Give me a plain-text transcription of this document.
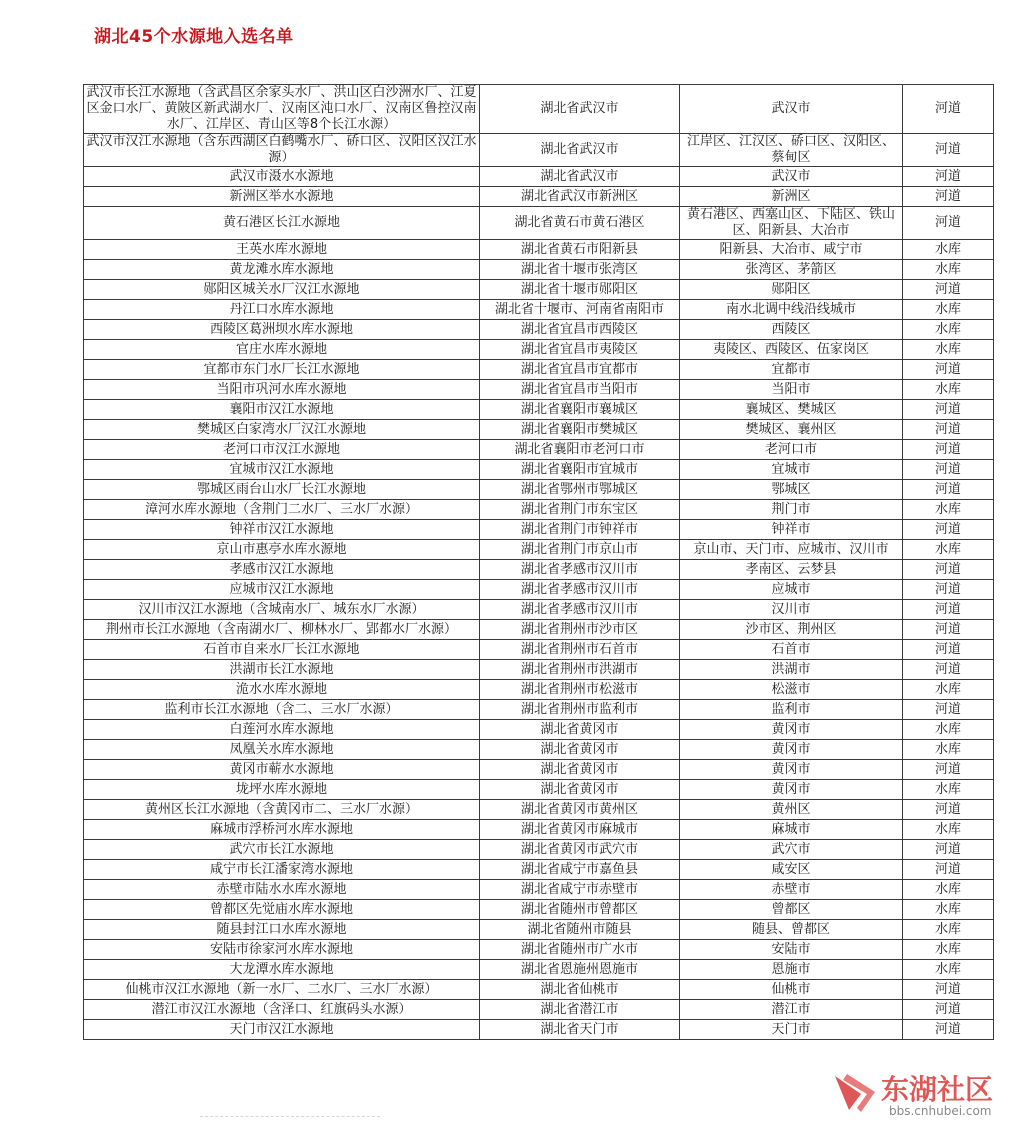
湖北45个水源地入选名单
武汉市长江水源地（含武昌区余家头水厂、洪山区白沙洲水厂、江夏区金口水厂、黄陂区新武湖水厂、汉南区沌口水厂、汉南区鲁控汉南水厂、江岸区、青山区等8个长江水源）	湖北省武汉市	武汉市	河道
武汉市汉江水源地（含东西湖区白鹤嘴水厂、硚口区、汉阳区汉江水源）	湖北省武汉市	江岸区、江汉区、硚口区、汉阳区、蔡甸区	河道
武汉市滠水水源地	湖北省武汉市	武汉市	河道
新洲区举水水源地	湖北省武汉市新洲区	新洲区	河道
黄石港区长江水源地	湖北省黄石市黄石港区	黄石港区、西塞山区、下陆区、铁山区、阳新县、大冶市	河道
王英水库水源地	湖北省黄石市阳新县	阳新县、大冶市、咸宁市	水库
黄龙滩水库水源地	湖北省十堰市张湾区	张湾区、茅箭区	水库
郧阳区城关水厂汉江水源地	湖北省十堰市郧阳区	郧阳区	河道
丹江口水库水源地	湖北省十堰市、河南省南阳市	南水北调中线沿线城市	水库
西陵区葛洲坝水库水源地	湖北省宜昌市西陵区	西陵区	水库
官庄水库水源地	湖北省宜昌市夷陵区	夷陵区、西陵区、伍家岗区	水库
宜都市东门水厂长江水源地	湖北省宜昌市宜都市	宜都市	河道
当阳市巩河水库水源地	湖北省宜昌市当阳市	当阳市	水库
襄阳市汉江水源地	湖北省襄阳市襄城区	襄城区、樊城区	河道
樊城区白家湾水厂汉江水源地	湖北省襄阳市樊城区	樊城区、襄州区	河道
老河口市汉江水源地	湖北省襄阳市老河口市	老河口市	河道
宜城市汉江水源地	湖北省襄阳市宜城市	宜城市	河道
鄂城区雨台山水厂长江水源地	湖北省鄂州市鄂城区	鄂城区	河道
漳河水库水源地（含荆门二水厂、三水厂水源）	湖北省荆门市东宝区	荆门市	水库
钟祥市汉江水源地	湖北省荆门市钟祥市	钟祥市	河道
京山市惠亭水库水源地	湖北省荆门市京山市	京山市、天门市、应城市、汉川市	水库
孝感市汉江水源地	湖北省孝感市汉川市	孝南区、云梦县	河道
应城市汉江水源地	湖北省孝感市汉川市	应城市	河道
汉川市汉江水源地（含城南水厂、城东水厂水源）	湖北省孝感市汉川市	汉川市	河道
荆州市长江水源地（含南湖水厂、柳林水厂、郢都水厂水源）	湖北省荆州市沙市区	沙市区、荆州区	河道
石首市自来水厂长江水源地	湖北省荆州市石首市	石首市	河道
洪湖市长江水源地	湖北省荆州市洪湖市	洪湖市	河道
洈水水库水源地	湖北省荆州市松滋市	松滋市	水库
监利市长江水源地（含二、三水厂水源）	湖北省荆州市监利市	监利市	河道
白莲河水库水源地	湖北省黄冈市	黄冈市	水库
凤凰关水库水源地	湖北省黄冈市	黄冈市	水库
黄冈市蕲水水源地	湖北省黄冈市	黄冈市	河道
垅坪水库水源地	湖北省黄冈市	黄冈市	水库
黄州区长江水源地（含黄冈市二、三水厂水源）	湖北省黄冈市黄州区	黄州区	河道
麻城市浮桥河水库水源地	湖北省黄冈市麻城市	麻城市	水库
武穴市长江水源地	湖北省黄冈市武穴市	武穴市	河道
咸宁市长江潘家湾水源地	湖北省咸宁市嘉鱼县	咸安区	河道
赤壁市陆水水库水源地	湖北省咸宁市赤壁市	赤壁市	水库
曾都区先觉庙水库水源地	湖北省随州市曾都区	曾都区	水库
随县封江口水库水源地	湖北省随州市随县	随县、曾都区	水库
安陆市徐家河水库水源地	湖北省随州市广水市	安陆市	水库
大龙潭水库水源地	湖北省恩施州恩施市	恩施市	水库
仙桃市汉江水源地（新一水厂、二水厂、三水厂水源）	湖北省仙桃市	仙桃市	河道
潜江市汉江水源地（含泽口、红旗码头水源）	湖北省潜江市	潜江市	河道
天门市汉江水源地	湖北省天门市	天门市	河道
东湖社区
bbs.cnhubei.com
